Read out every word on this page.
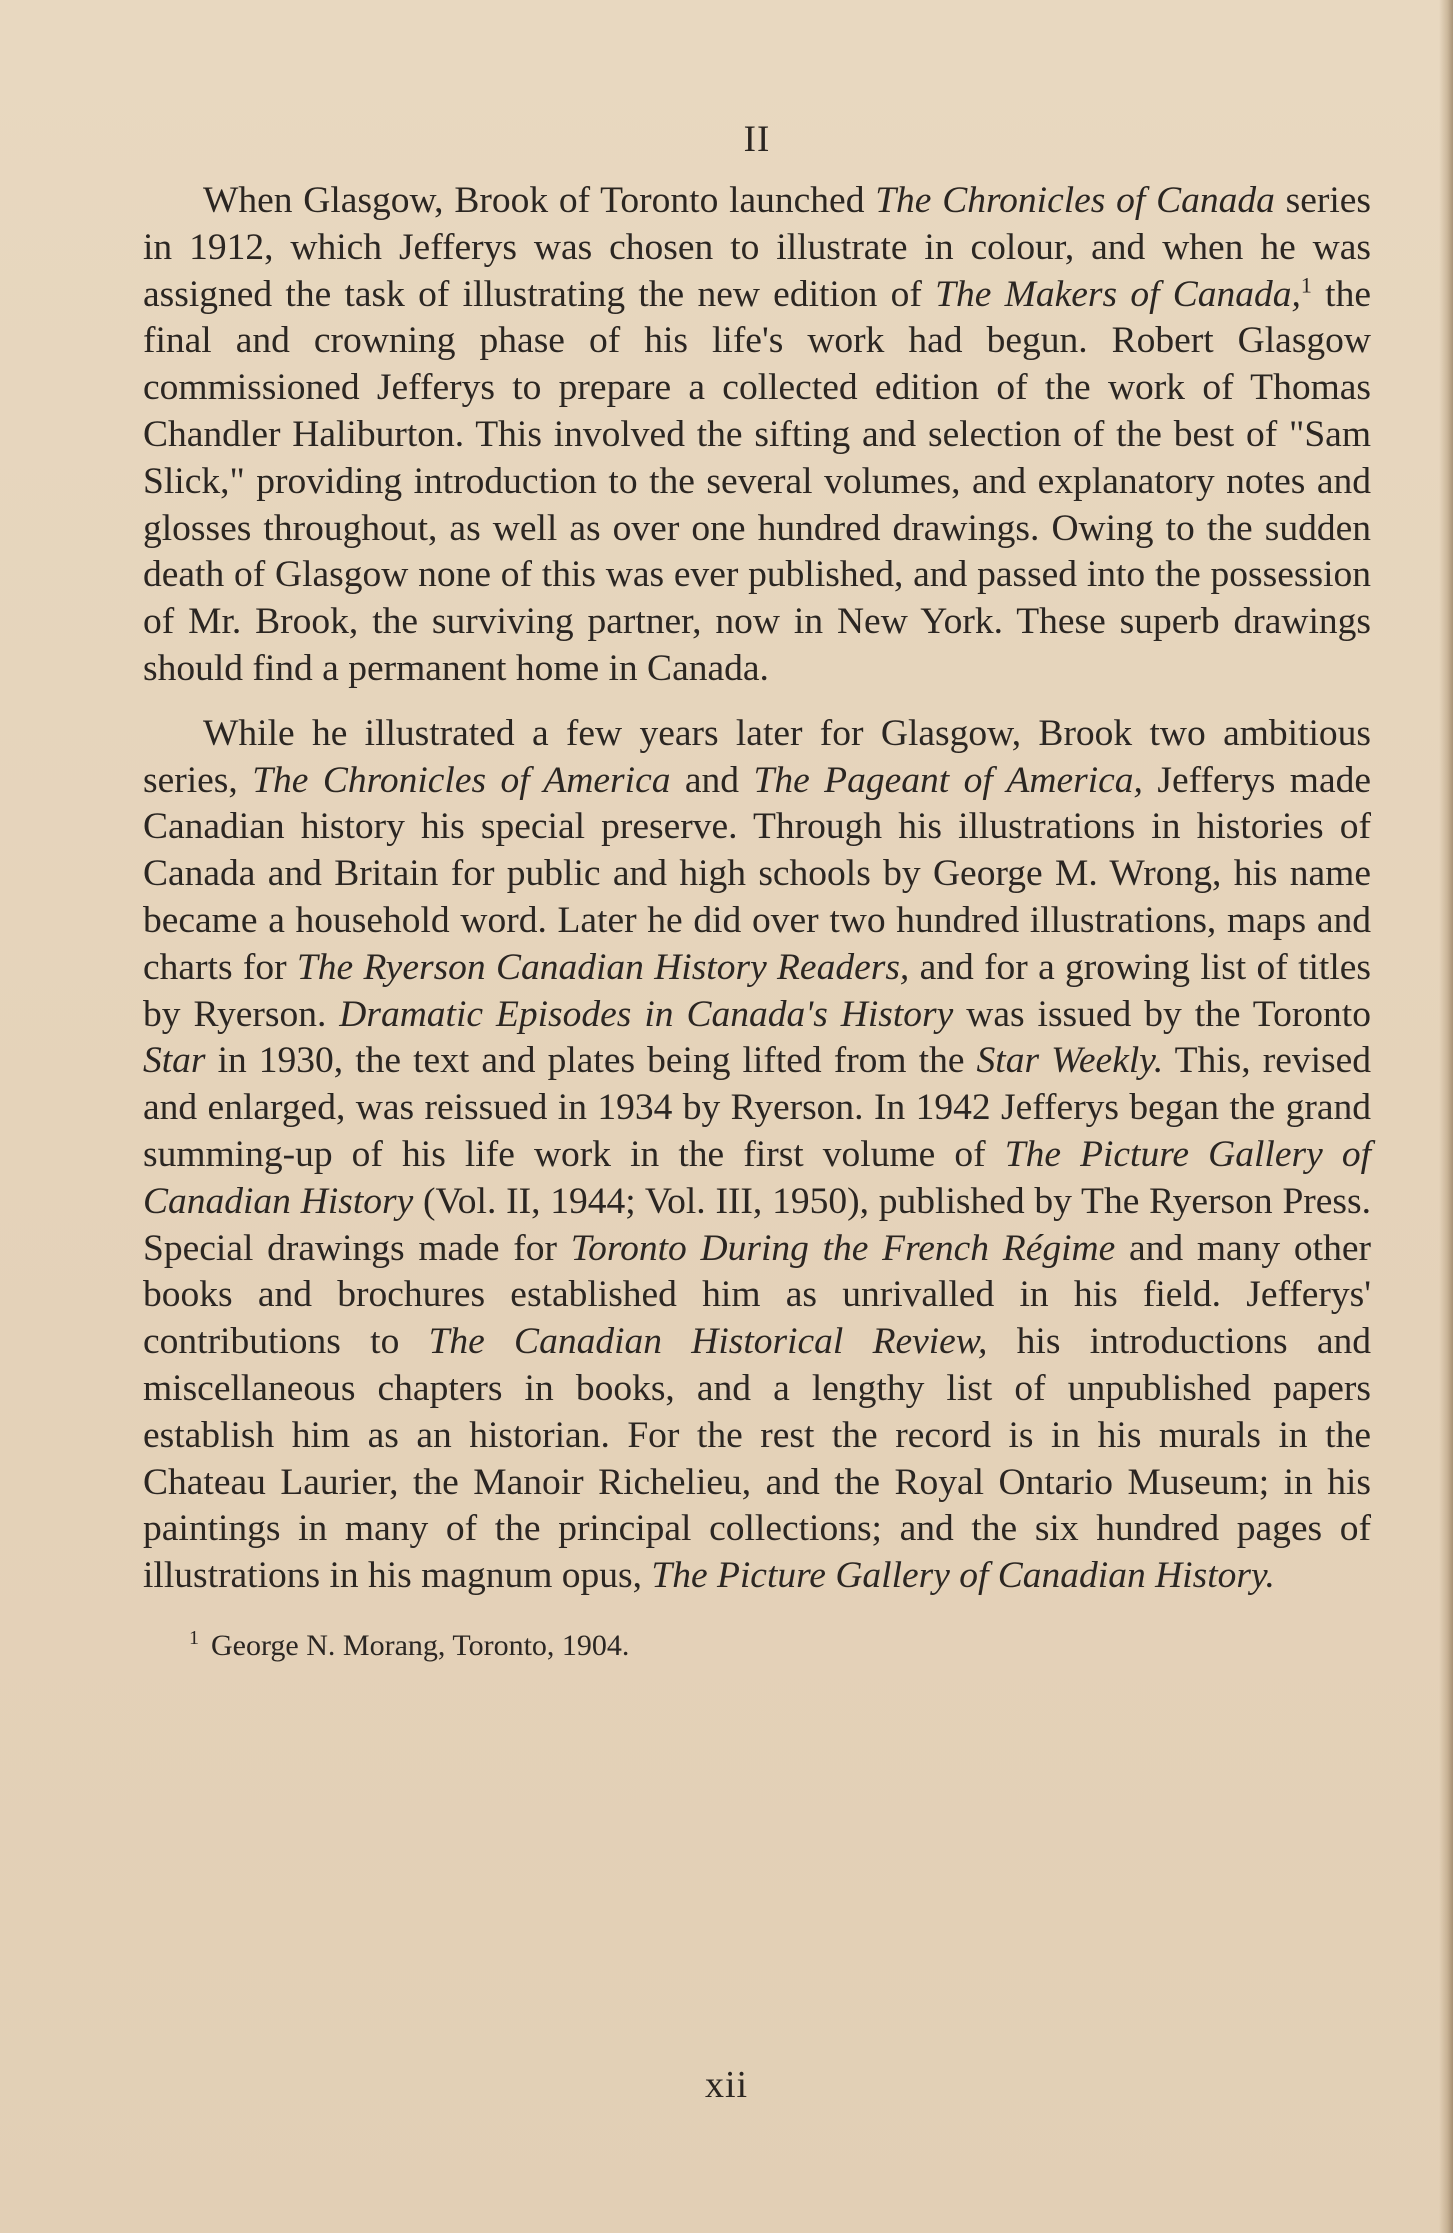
II

When Glasgow, Brook of Toronto launched The Chronicles of Canada series in 1912, which Jefferys was chosen to illustrate in colour, and when he was assigned the task of illustrating the new edition of The Makers of Canada,$^1$ the final and crowning phase of his life's work had begun. Robert Glasgow commissioned Jefferys to prepare a collected edition of the work of Thomas Chandler Haliburton. This involved the sifting and selection of the best of "Sam Slick," providing introduction to the several volumes, and explanatory notes and glosses throughout, as well as over one hundred drawings. Owing to the sudden death of Glasgow none of this was ever published, and passed into the possession of Mr. Brook, the surviving partner, now in New York. These superb drawings should find a permanent home in Canada.

While he illustrated a few years later for Glasgow, Brook two ambitious series, The Chronicles of America and The Pageant of America, Jefferys made Canadian history his special preserve. Through his illustrations in histories of Canada and Britain for public and high schools by George M. Wrong, his name became a household word. Later he did over two hundred illustrations, maps and charts for The Ryerson Canadian History Readers, and for a growing list of titles by Ryerson. Dramatic Episodes in Canada's History was issued by the Toronto Star in 1930, the text and plates being lifted from the Star Weekly. This, revised and enlarged, was reissued in 1934 by Ryerson. In 1942 Jefferys began the grand summing-up of his life work in the first volume of The Picture Gallery of Canadian History (Vol. II, 1944; Vol. III, 1950), published by The Ryerson Press. Special drawings made for Toronto During the French Régime and many other books and brochures established him as unrivalled in his field. Jefferys' contributions to The Canadian Historical Review, his introductions and miscellaneous chapters in books, and a lengthy list of unpublished papers establish him as an historian. For the rest the record is in his murals in the Chateau Laurier, the Manoir Richelieu, and the Royal Ontario Museum; in his paintings in many of the principal collections; and the six hundred pages of illustrations in his magnum opus, The Picture Gallery of Canadian History.

$^1$ George N. Morang, Toronto, 1904.
xii
